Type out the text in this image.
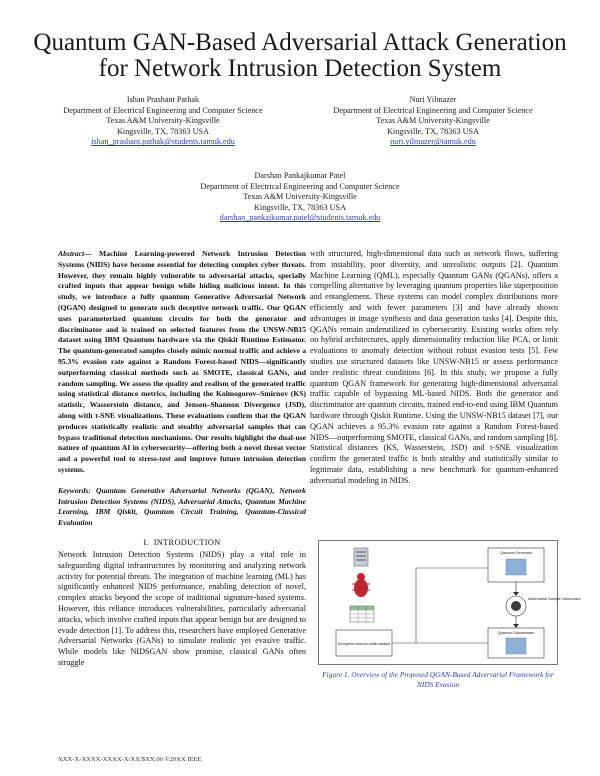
Quantum GAN-Based Adversarial Attack Generation for Network Intrusion Detection System
Ishan Prashant Pathak
Department of Electrical Engineering and Computer Science
Texas A&M University-Kingsville
Kingsville, TX, 78363 USA
ishan_prashant.pathak@students.tamuk.edu
Nuri Yilmazer
Department of Electrical Engineering and Computer Science
Texas A&M University-Kingsville
Kingsville, TX, 78363 USA
nuri.yilmazer@tamuk.edu
Darshan Pankajkumar Patel
Department of Electrical Engineering and Computer Science
Texas A&M University-Kingsville
Kingsville, TX, 78363 USA
darshan_pankajkumar.patel@students.tamuk.edu
Abstract— Machine Learning-powered Network Intrusion Detection Systems (NIDS) have become essential for detecting complex cyber threats. However, they remain highly vulnerable to adversarial attacks, specially crafted inputs that appear benign while hiding malicious intent. In this study, we introduce a fully quantum Generative Adversarial Network (QGAN) designed to generate such deceptive network traffic. Our QGAN uses parameterized quantum circuits for both the generator and discriminator and is trained on selected features from the UNSW-NB15 dataset using IBM Quantum hardware via the Qiskit Runtime Estimator. The quantum-generated samples closely mimic normal traffic and achieve a 95.3% evasion rate against a Random Forest-based NIDS—significantly outperforming classical methods such as SMOTE, classical GANs, and random sampling. We assess the quality and realism of the generated traffic using statistical distance metrics, including the Kolmogorov–Smirnov (KS) statistic, Wasserstein distance, and Jensen–Shannon Divergence (JSD), along with t-SNE visualizations. These evaluations confirm that the QGAN produces statistically realistic and stealthy adversarial samples that can bypass traditional detection mechanisms. Our results highlight the dual-use nature of quantum AI in cybersecurity—offering both a novel threat vector and a powerful tool to stress-test and improve future intrusion detection systems.
Keywords: Quantum Generative Adversarial Networks (QGAN), Network Intrusion Detection Systems (NIDS), Adversarial Attacks, Quantum Machine Learning, IBM Qiskit, Quantum Circuit Training, Quantum-Classical Evaluation
I. INTRODUCTION
Network Intrusion Detection Systems (NIDS) play a vital role in safeguarding digital infrastructures by monitoring and analyzing network activity for potential threats. The integration of machine learning (ML) has significantly enhanced NIDS performance, enabling detection of novel, complex attacks beyond the scope of traditional signature-based systems. However, this reliance introduces vulnerabilities, particularly adversarial attacks, which involve crafted inputs that appear benign but are designed to evade detection [1]. To address this, researchers have employed Generative Adversarial Networks (GANs) to simulate realistic yet evasive traffic. While models like NIDSGAN show promise, classical GANs often struggle
with structured, high-dimensional data such as network flows, suffering from instability, poor diversity, and unrealistic outputs [2]. Quantum Machine Learning (QML), especially Quantum GANs (QGANs), offers a compelling alternative by leveraging quantum properties like superposition and entanglement. These systems can model complex distributions more efficiently and with fewer parameters [3] and have already shown advantages in image synthesis and data generation tasks [4]. Despite this, QGANs remain underutilized in cybersecurity. Existing works often rely on hybrid architectures, apply dimensionality reduction like PCA, or limit evaluations to anomaly detection without robust evasion tests [5]. Few studies use structured datasets like UNSW-NB15 or assess performance under realistic threat conditions [6]. In this study, we propose a fully quantum QGAN framework for generating high-dimensional adversarial traffic capable of bypassing ML-based NIDS. Both the generator and discriminator are quantum circuits, trained end-to-end using IBM Quantum hardware through Qiskit Runtime. Using the UNSW-NB15 dataset [7], our QGAN achieves a 95.3% evasion rate against a Random Forest-based NIDS—outperforming SMOTE, classical GANs, and random sampling [8]. Statistical distances (KS, Wasserstein, JSD) and t-SNE visualization confirm the generated traffic is both stealthy and statistically similar to legitimate data, establishing a new benchmark for quantum-enhanced adversarial modeling in NIDS.
Encrypted network traffic dataset
Quantum Generator
Adversarial Sample Generation
Quantum Discriminator
Figure 1. Overview of the Proposed QGAN-Based Adversarial Framework for NIDS Evasion
XXX-X-XXXX-XXXX-X/XX/$XX.00 ©20XX IEEE
